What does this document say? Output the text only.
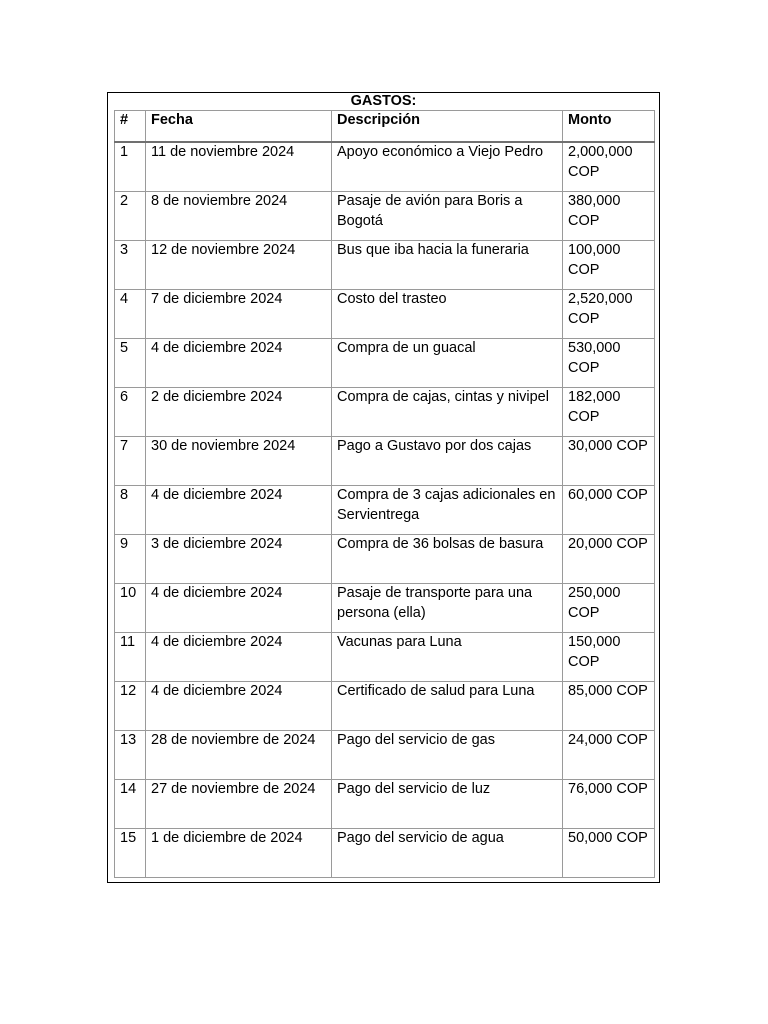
GASTOS:
#	Fecha	Descripción	Monto
1	11 de noviembre 2024	Apoyo económico a Viejo Pedro	2,000,000 COP
2	8 de noviembre 2024	Pasaje de avión para Boris a Bogotá	380,000 COP
3	12 de noviembre 2024	Bus que iba hacia la funeraria	100,000 COP
4	7 de diciembre 2024	Costo del trasteo	2,520,000 COP
5	4 de diciembre 2024	Compra de un guacal	530,000 COP
6	2 de diciembre 2024	Compra de cajas, cintas y nivipel	182,000 COP
7	30 de noviembre 2024	Pago a Gustavo por dos cajas	30,000 COP
8	4 de diciembre 2024	Compra de 3 cajas adicionales en Servientrega	60,000 COP
9	3 de diciembre 2024	Compra de 36 bolsas de basura	20,000 COP
10	4 de diciembre 2024	Pasaje de transporte para una persona (ella)	250,000 COP
11	4 de diciembre 2024	Vacunas para Luna	150,000 COP
12	4 de diciembre 2024	Certificado de salud para Luna	85,000 COP
13	28 de noviembre de 2024	Pago del servicio de gas	24,000 COP
14	27 de noviembre de 2024	Pago del servicio de luz	76,000 COP
15	1 de diciembre de 2024	Pago del servicio de agua	50,000 COP
